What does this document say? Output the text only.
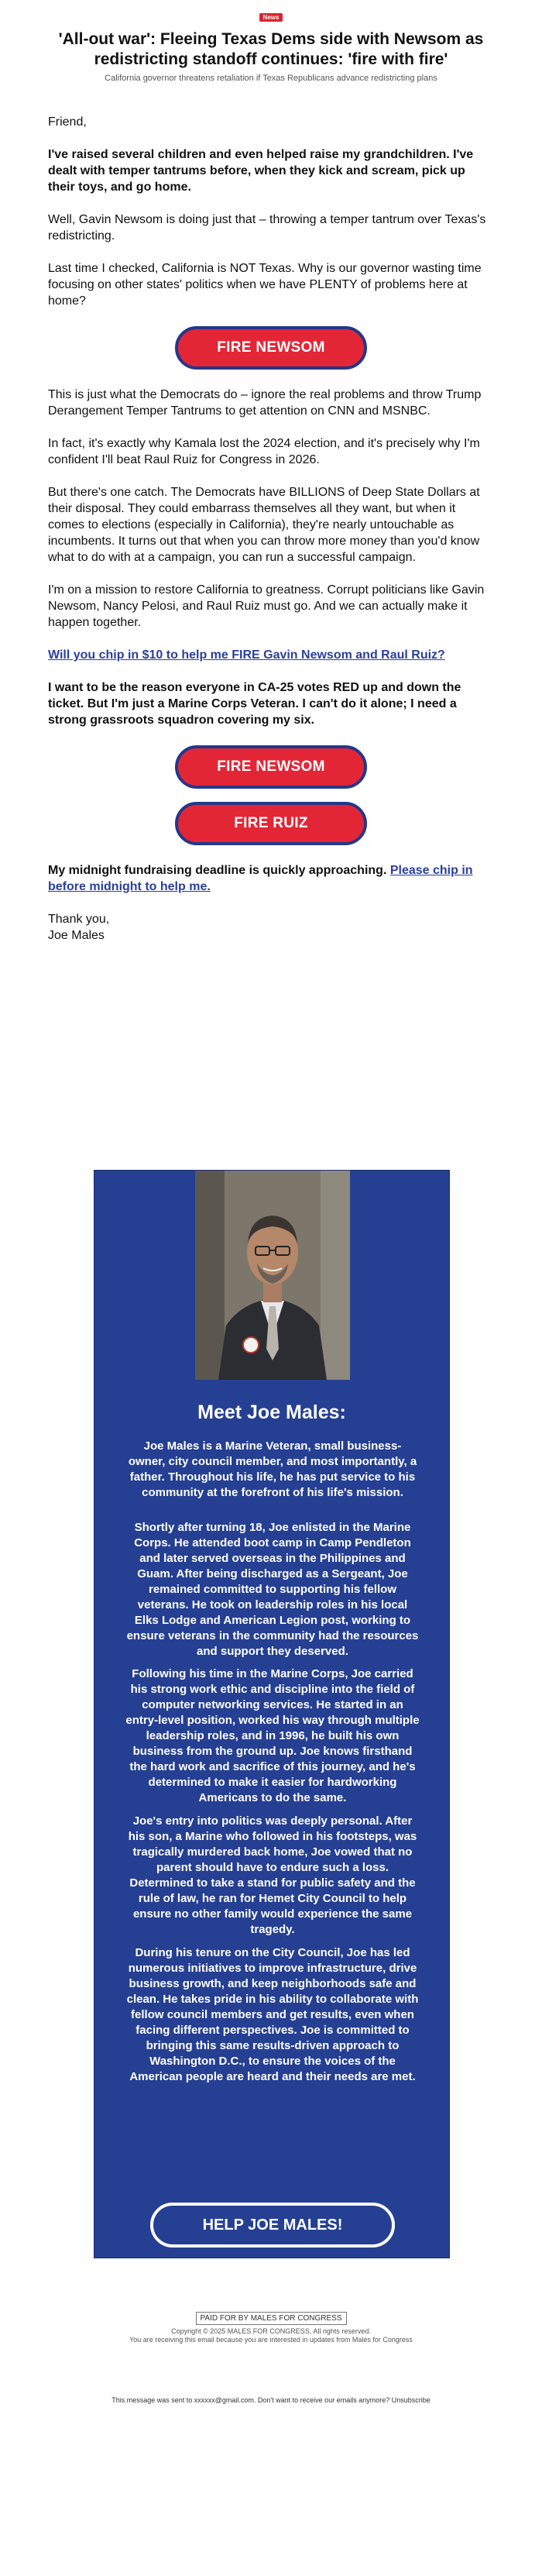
News
'All-out war': Fleeing Texas Dems side with Newsom as redistricting standoff continues: 'fire with fire'
California governor threatens retaliation if Texas Republicans advance redistricting plans

Friend,

I've raised several children and even helped raise my grandchildren. I've dealt with temper tantrums before, when they kick and scream, pick up their toys, and go home.

Well, Gavin Newsom is doing just that – throwing a temper tantrum over Texas's redistricting.

Last time I checked, California is NOT Texas. Why is our governor wasting time focusing on other states' politics when we have PLENTY of problems here at home?

FIRE NEWSOM

This is just what the Democrats do – ignore the real problems and throw Trump Derangement Temper Tantrums to get attention on CNN and MSNBC.

In fact, it's exactly why Kamala lost the 2024 election, and it's precisely why I'm confident I'll beat Raul Ruiz for Congress in 2026.

But there's one catch. The Democrats have BILLIONS of Deep State Dollars at their disposal. They could embarrass themselves all they want, but when it comes to elections (especially in California), they're nearly untouchable as incumbents. It turns out that when you can throw more money than you'd know what to do with at a campaign, you can run a successful campaign.

I'm on a mission to restore California to greatness. Corrupt politicians like Gavin Newsom, Nancy Pelosi, and Raul Ruiz must go. And we can actually make it happen together.

Will you chip in $10 to help me FIRE Gavin Newsom and Raul Ruiz?

I want to be the reason everyone in CA-25 votes RED up and down the ticket. But I'm just a Marine Corps Veteran. I can't do it alone; I need a strong grassroots squadron covering my six.

FIRE NEWSOM
FIRE RUIZ

My midnight fundraising deadline is quickly approaching. Please chip in before midnight to help me.

Thank you,

Joe Males

Meet Joe Males:
Joe Males is a Marine Veteran, small business-owner, city council member, and most importantly, a father. Throughout his life, he has put service to his community at the forefront of his life's mission.
Shortly after turning 18, Joe enlisted in the Marine Corps. He attended boot camp in Camp Pendleton and later served overseas in the Philippines and Guam. After being discharged as a Sergeant, Joe remained committed to supporting his fellow veterans. He took on leadership roles in his local Elks Lodge and American Legion post, working to ensure veterans in the community had the resources and support they deserved.
Following his time in the Marine Corps, Joe carried his strong work ethic and discipline into the field of computer networking services. He started in an entry-level position, worked his way through multiple leadership roles, and in 1996, he built his own business from the ground up. Joe knows firsthand the hard work and sacrifice of this journey, and he's determined to make it easier for hardworking Americans to do the same.
Joe's entry into politics was deeply personal. After his son, a Marine who followed in his footsteps, was tragically murdered back home, Joe vowed that no parent should have to endure such a loss. Determined to take a stand for public safety and the rule of law, he ran for Hemet City Council to help ensure no other family would experience the same tragedy.
During his tenure on the City Council, Joe has led numerous initiatives to improve infrastructure, drive business growth, and keep neighborhoods safe and clean. He takes pride in his ability to collaborate with fellow council members and get results, even when facing different perspectives. Joe is committed to bringing this same results-driven approach to Washington D.C., to ensure the voices of the American people are heard and their needs are met.
HELP JOE MALES!
PAID FOR BY MALES FOR CONGRESS
Copyright © 2025 MALES FOR CONGRESS, All rights reserved.
You are receiving this email because you are interested in updates from Males for Congress
This message was sent to xxxxxx@gmail.com. Don't want to receive our emails anymore? Unsubscribe
